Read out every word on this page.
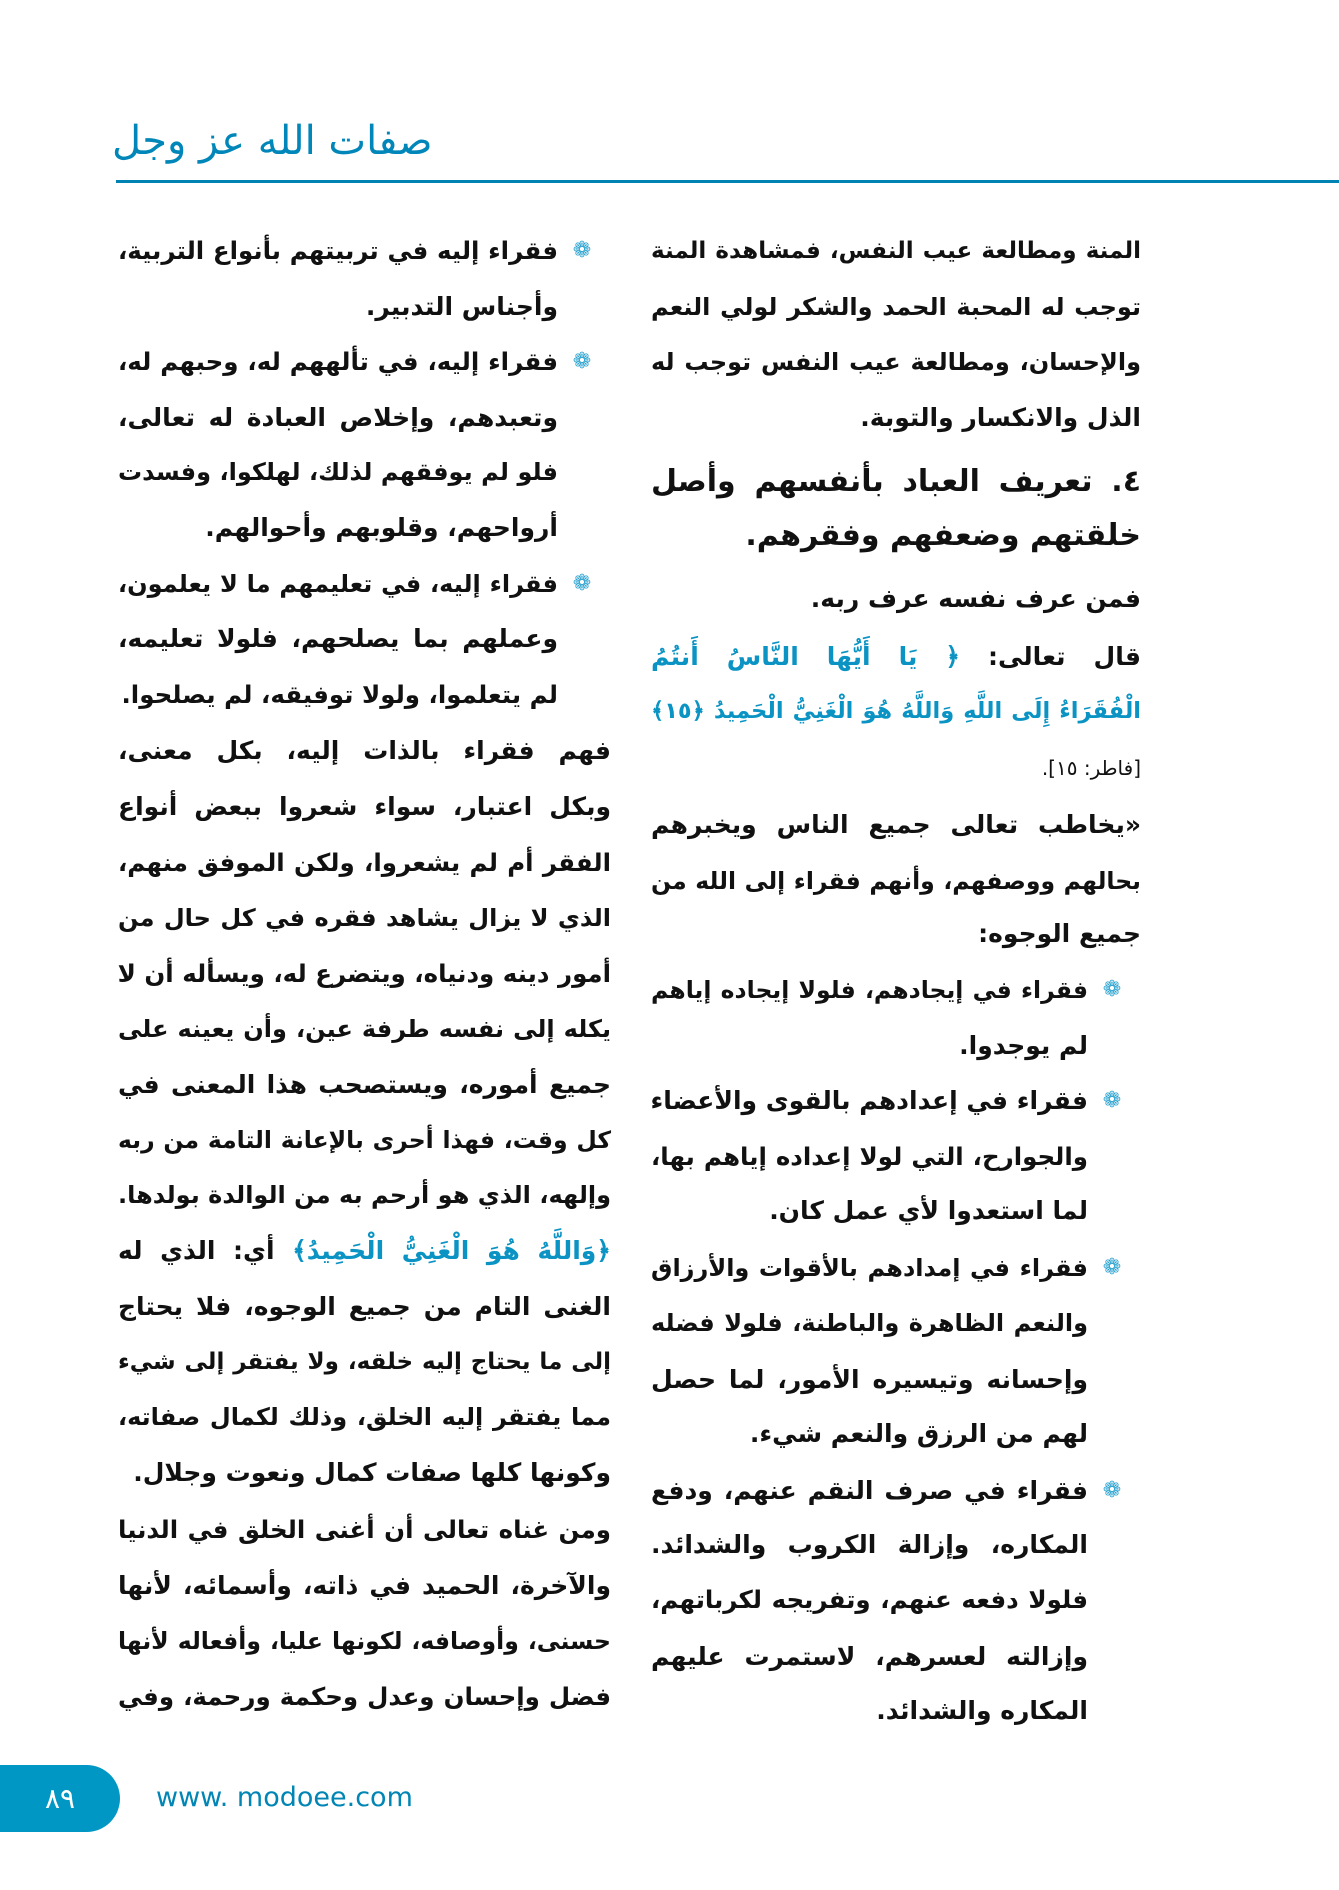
صفات الله عز وجل
المنة ومطالعة عيب النفس، فمشاهدة المنة
توجب له المحبة الحمد والشكر لولي النعم
والإحسان، ومطالعة عيب النفس توجب له
الذل والانكسار والتوبة.
٤. تعريف العباد بأنفسهم وأصل
خلقتهم وضعفهم وفقرهم.
فمن عرف نفسه عرف ربه.
قال تعالى: ﴿ يَا أَيُّهَا النَّاسُ أَنتُمُ
الْفُقَرَاءُ إِلَى اللَّهِ وَاللَّهُ هُوَ الْغَنِيُّ الْحَمِيدُ ﴿١٥﴾
[فاطر: ١٥].
«يخاطب تعالى جميع الناس ويخبرهم
بحالهم ووصفهم، وأنهم فقراء إلى الله من
جميع الوجوه:
فقراء في إيجادهم، فلولا إيجاده إياهم ❁
لم يوجدوا.
فقراء في إعدادهم بالقوى والأعضاء ❁
والجوارح، التي لولا إعداده إياهم بها،
لما استعدوا لأي عمل كان.
فقراء في إمدادهم بالأقوات والأرزاق ❁
والنعم الظاهرة والباطنة، فلولا فضله
وإحسانه وتيسيره الأمور، لما حصل
لهم من الرزق والنعم شيء.
فقراء في صرف النقم عنهم، ودفع ❁
المكاره، وإزالة الكروب والشدائد.
فلولا دفعه عنهم، وتفريجه لكرباتهم،
وإزالته لعسرهم، لاستمرت عليهم
المكاره والشدائد.
فقراء إليه في تربيتهم بأنواع التربية، ❁
وأجناس التدبير.
فقراء إليه، في تألههم له، وحبهم له، ❁
وتعبدهم، وإخلاص العبادة له تعالى،
فلو لم يوفقهم لذلك، لهلكوا، وفسدت
أرواحهم، وقلوبهم وأحوالهم.
فقراء إليه، في تعليمهم ما لا يعلمون، ❁
وعملهم بما يصلحهم، فلولا تعليمه،
لم يتعلموا، ولولا توفيقه، لم يصلحوا.
فهم فقراء بالذات إليه، بكل معنى،
وبكل اعتبار، سواء شعروا ببعض أنواع
الفقر أم لم يشعروا، ولكن الموفق منهم،
الذي لا يزال يشاهد فقره في كل حال من
أمور دينه ودنياه، ويتضرع له، ويسأله أن لا
يكله إلى نفسه طرفة عين، وأن يعينه على
جميع أموره، ويستصحب هذا المعنى في
كل وقت، فهذا أحرى بالإعانة التامة من ربه
وإلهه، الذي هو أرحم به من الوالدة بولدها.
﴿وَاللَّهُ هُوَ الْغَنِيُّ الْحَمِيدُ﴾ أي: الذي له
الغنى التام من جميع الوجوه، فلا يحتاج
إلى ما يحتاج إليه خلقه، ولا يفتقر إلى شيء
مما يفتقر إليه الخلق، وذلك لكمال صفاته،
وكونها كلها صفات كمال ونعوت وجلال.
ومن غناه تعالى أن أغنى الخلق في الدنيا
والآخرة، الحميد في ذاته، وأسمائه، لأنها
حسنى، وأوصافه، لكونها عليا، وأفعاله لأنها
فضل وإحسان وعدل وحكمة ورحمة، وفي
٨٩	www. modoee.com
